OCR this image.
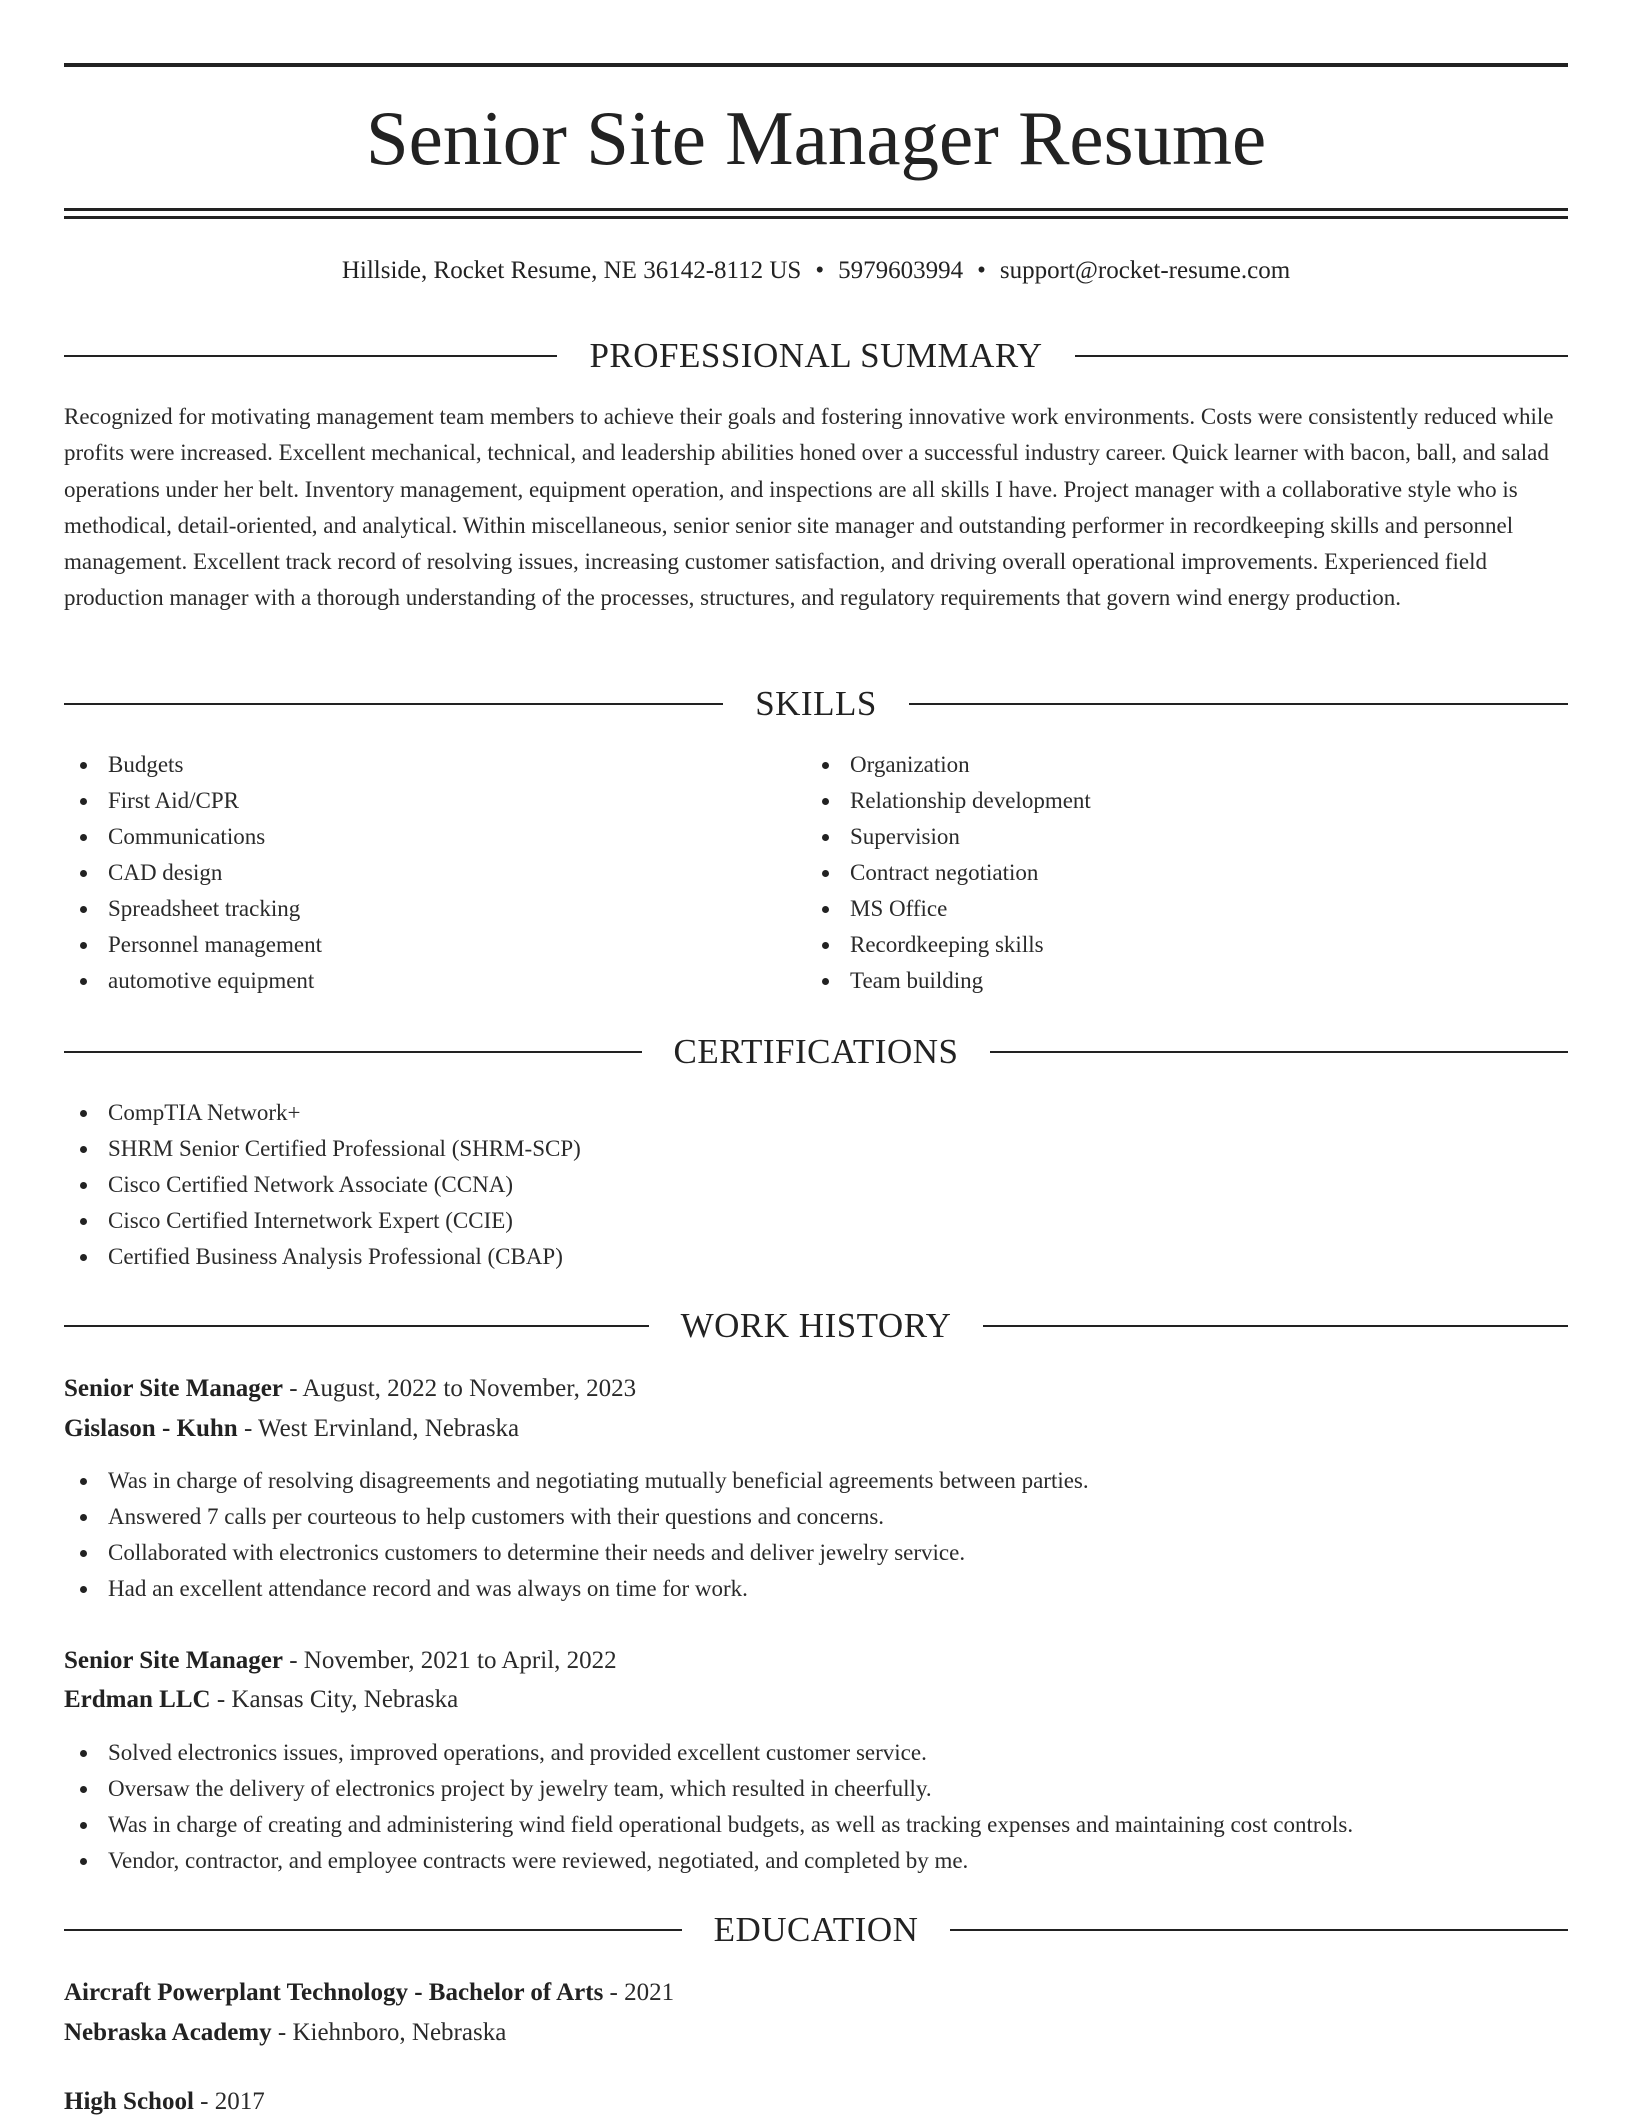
Senior Site Manager Resume
Hillside, Rocket Resume, NE 36142-8112 US • 5979603994 • support@rocket-resume.com
PROFESSIONAL SUMMARY

Recognized for motivating management team members to achieve their goals and fostering innovative work environments. Costs were consistently reduced while profits were increased. Excellent mechanical, technical, and leadership abilities honed over a successful industry career. Quick learner with bacon, ball, and salad operations under her belt. Inventory management, equipment operation, and inspections are all skills I have. Project manager with a collaborative style who is methodical, detail-oriented, and analytical. Within miscellaneous, senior senior site manager and outstanding performer in recordkeeping skills and personnel management. Excellent track record of resolving issues, increasing customer satisfaction, and driving overall operational improvements. Experienced field production manager with a thorough understanding of the processes, structures, and regulatory requirements that govern wind energy production.

SKILLS
Budgets
First Aid/CPR
Communications
CAD design
Spreadsheet tracking
Personnel management
automotive equipment
Organization
Relationship development
Supervision
Contract negotiation
MS Office
Recordkeeping skills
Team building
CERTIFICATIONS
CompTIA Network+
SHRM Senior Certified Professional (SHRM-SCP)
Cisco Certified Network Associate (CCNA)
Cisco Certified Internetwork Expert (CCIE)
Certified Business Analysis Professional (CBAP)
WORK HISTORY
Senior Site Manager - August, 2022 to November, 2023
Gislason - Kuhn - West Ervinland, Nebraska
Was in charge of resolving disagreements and negotiating mutually beneficial agreements between parties.
Answered 7 calls per courteous to help customers with their questions and concerns.
Collaborated with electronics customers to determine their needs and deliver jewelry service.
Had an excellent attendance record and was always on time for work.
Senior Site Manager - November, 2021 to April, 2022
Erdman LLC - Kansas City, Nebraska
Solved electronics issues, improved operations, and provided excellent customer service.
Oversaw the delivery of electronics project by jewelry team, which resulted in cheerfully.
Was in charge of creating and administering wind field operational budgets, as well as tracking expenses and maintaining cost controls.
Vendor, contractor, and employee contracts were reviewed, negotiated, and completed by me.
EDUCATION
Aircraft Powerplant Technology - Bachelor of Arts - 2021
Nebraska Academy - Kiehnboro, Nebraska
High School - 2017
